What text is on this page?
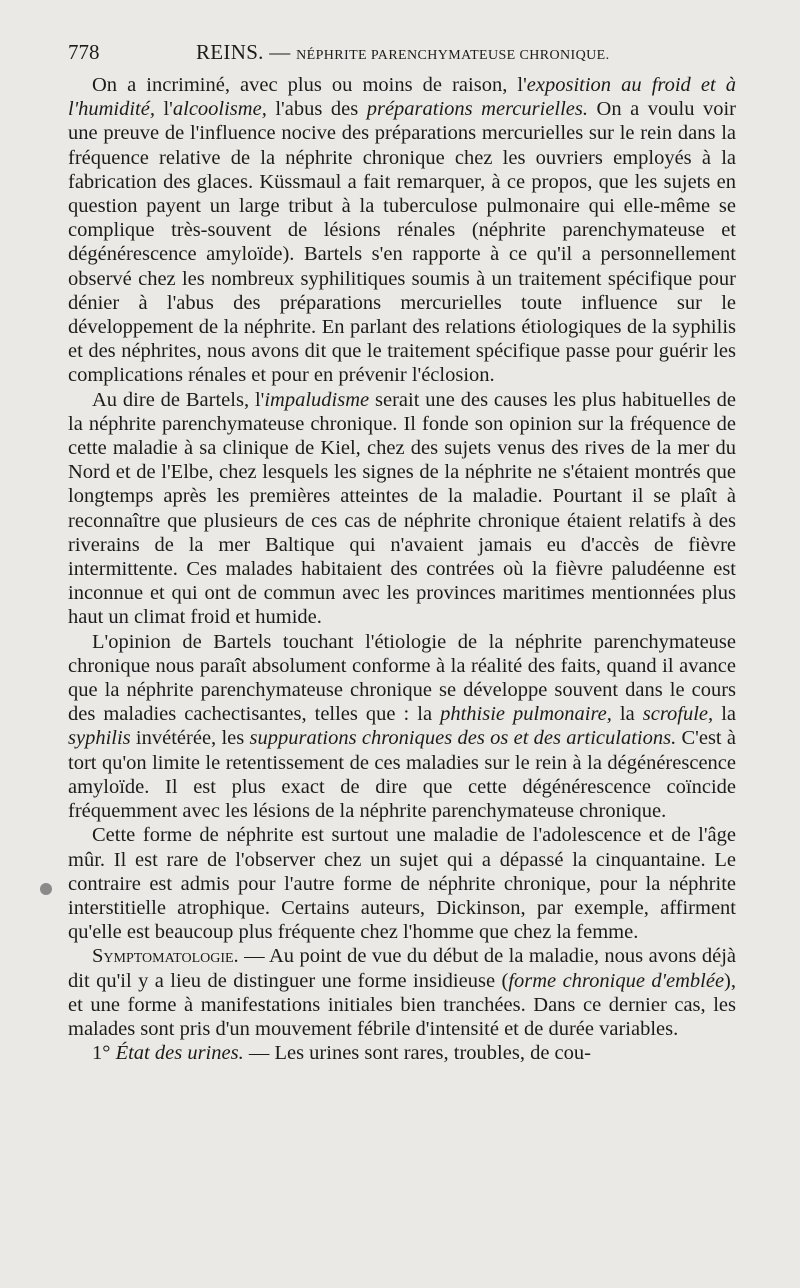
778	REINS. — NÉPHRITE PARENCHYMATEUSE CHRONIQUE.

On a incriminé, avec plus ou moins de raison, l'exposition au froid et à l'humidité, l'alcoolisme, l'abus des préparations mercurielles. On a voulu voir une preuve de l'influence nocive des préparations mercurielles sur le rein dans la fréquence relative de la néphrite chronique chez les ouvriers employés à la fabrication des glaces. Küssmaul a fait remarquer, à ce propos, que les sujets en question payent un large tribut à la tuberculose pulmonaire qui elle-même se complique très-souvent de lésions rénales (néphrite parenchymateuse et dégénérescence amyloïde). Bartels s'en rapporte à ce qu'il a personnellement observé chez les nombreux syphilitiques soumis à un traitement spécifique pour dénier à l'abus des préparations mercurielles toute influence sur le développement de la néphrite. En parlant des relations étiologiques de la syphilis et des néphrites, nous avons dit que le traitement spécifique passe pour guérir les complications rénales et pour en prévenir l'éclosion.

Au dire de Bartels, l'impaludisme serait une des causes les plus habituelles de la néphrite parenchymateuse chronique. Il fonde son opinion sur la fréquence de cette maladie à sa clinique de Kiel, chez des sujets venus des rives de la mer du Nord et de l'Elbe, chez lesquels les signes de la néphrite ne s'étaient montrés que longtemps après les premières atteintes de la maladie. Pourtant il se plaît à reconnaître que plusieurs de ces cas de néphrite chronique étaient relatifs à des riverains de la mer Baltique qui n'avaient jamais eu d'accès de fièvre intermittente. Ces malades habitaient des contrées où la fièvre paludéenne est inconnue et qui ont de commun avec les provinces maritimes mentionnées plus haut un climat froid et humide.

L'opinion de Bartels touchant l'étiologie de la néphrite parenchymateuse chronique nous paraît absolument conforme à la réalité des faits, quand il avance que la néphrite parenchymateuse chronique se développe souvent dans le cours des maladies cachectisantes, telles que : la phthisie pulmonaire, la scrofule, la syphilis invétérée, les suppurations chroniques des os et des articulations. C'est à tort qu'on limite le retentissement de ces maladies sur le rein à la dégénérescence amyloïde. Il est plus exact de dire que cette dégénérescence coïncide fréquemment avec les lésions de la néphrite parenchymateuse chronique.

Cette forme de néphrite est surtout une maladie de l'adolescence et de l'âge mûr. Il est rare de l'observer chez un sujet qui a dépassé la cinquantaine. Le contraire est admis pour l'autre forme de néphrite chronique, pour la néphrite interstitielle atrophique. Certains auteurs, Dickinson, par exemple, affirment qu'elle est beaucoup plus fréquente chez l'homme que chez la femme.

Symptomatologie. — Au point de vue du début de la maladie, nous avons déjà dit qu'il y a lieu de distinguer une forme insidieuse (forme chronique d'emblée), et une forme à manifestations initiales bien tranchées. Dans ce dernier cas, les malades sont pris d'un mouvement fébrile d'intensité et de durée variables.

1° État des urines. — Les urines sont rares, troubles, de cou-
